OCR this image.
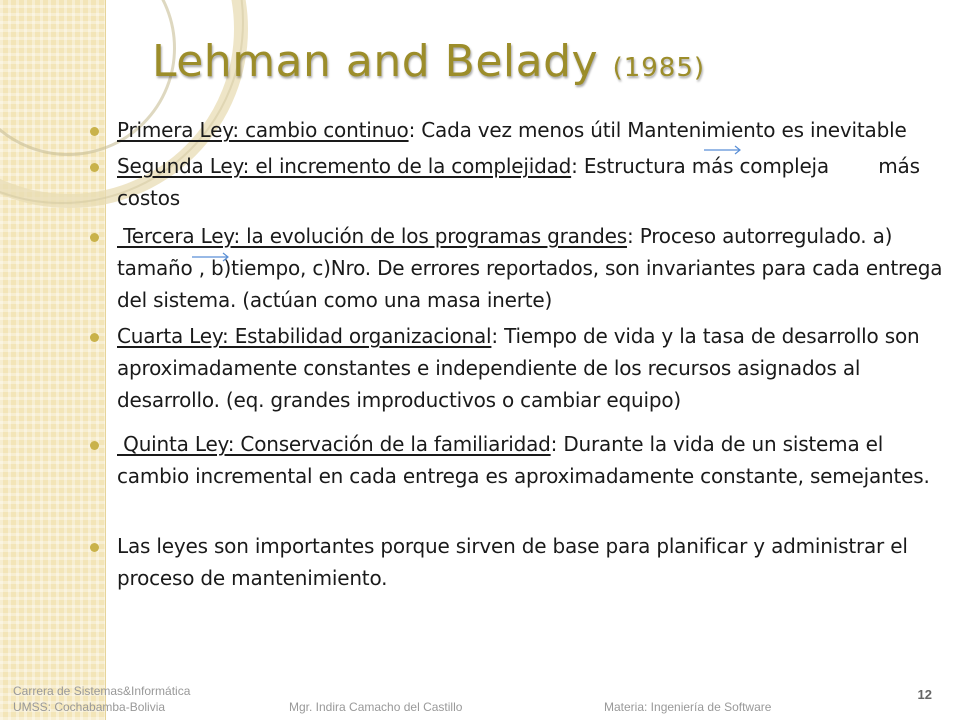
Lehman and Belady (1985)
Primera Ley: cambio continuo: Cada vez menos útil Mantenimiento es inevitable
Segunda Ley: el incremento de la complejidad: Estructura más compleja        más costos
Tercera Ley: la evolución de los programas grandes: Proceso autorregulado. a) tamaño , b)tiempo, c)Nro. De errores reportados, son invariantes para cada entrega del sistema. (actúan como una masa inerte)
Cuarta Ley: Estabilidad organizacional: Tiempo de vida y la tasa de desarrollo son aproximadamente constantes e independiente de los recursos asignados al desarrollo. (eq. grandes improductivos o cambiar equipo)
Quinta Ley: Conservación de la familiaridad: Durante la vida de un sistema el cambio incremental en cada entrega es aproximadamente constante, semejantes.
Las leyes son importantes porque sirven de base para planificar y administrar el proceso de mantenimiento.
Carrera de Sistemas&Informática
UMSS: Cochabamba-Bolivia	Mgr. Indira Camacho del Castillo	Materia: Ingeniería de Software
12
